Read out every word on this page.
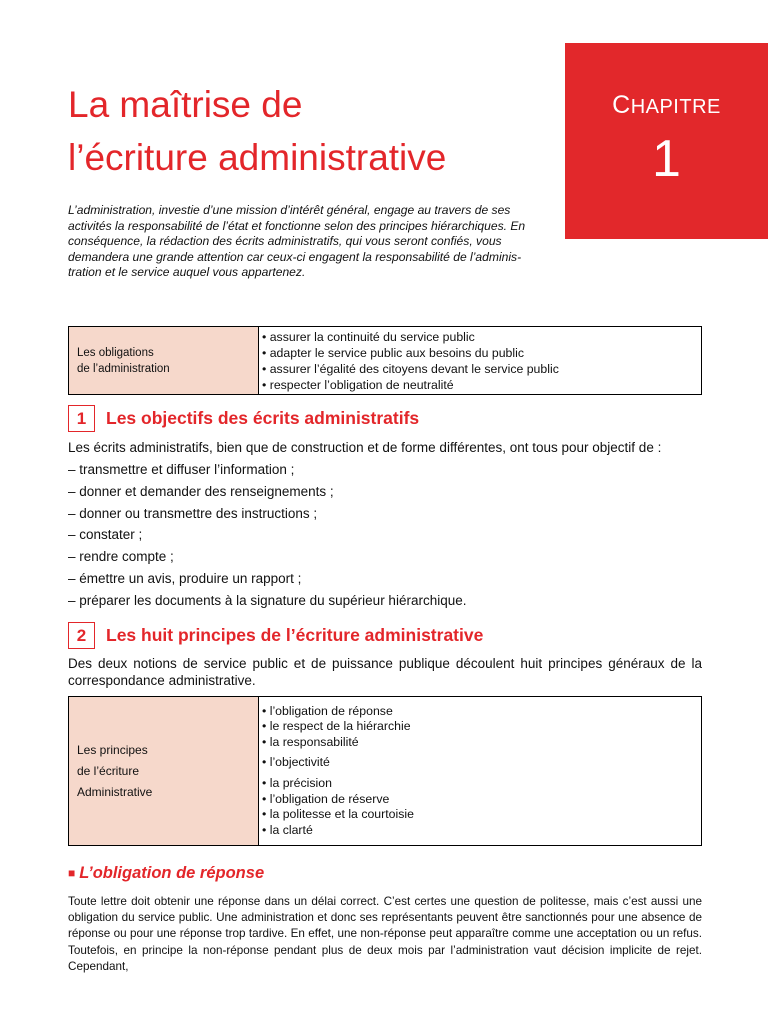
La maîtrise de
l’écriture administrative
CHAPITRE
1

L’administration, investie d’une mission d’intérêt général, engage au travers de ses activités la responsabilité de l’état et fonctionne selon des principes hiérarchiques. En conséquence, la rédaction des écrits administratifs, qui vous seront confiés, vous demandera une grande attention car ceux-ci engagent la responsabilité de l’adminis-tration et le service auquel vous appartenez.

Les obligations
de l’administration	
• assurer la continuité du service public
• adapter le service public aux besoins du public
• assurer l’égalité des citoyens devant le service public
• respecter l’obligation de neutralité
1	Les objectifs des écrits administratifs

Les écrits administratifs, bien que de construction et de forme différentes, ont tous pour objectif de :

– transmettre et diffuser l’information ;
– donner et demander des renseignements ;
– donner ou transmettre des instructions ;
– constater ;
– rendre compte ;
– émettre un avis, produire un rapport ;
– préparer les documents à la signature du supérieur hiérarchique.
2	Les huit principes de l’écriture administrative

Des deux notions de service public et de puissance publique découlent huit principes généraux de la correspondance administrative.

Les principes
de l’écriture
Administrative	
• l’obligation de réponse
• le respect de la hiérarchie
• la responsabilité
• l’objectivité
• la précision
• l’obligation de réserve
• la politesse et la courtoisie
• la clarté
■ L’obligation de réponse

Toute lettre doit obtenir une réponse dans un délai correct. C’est certes une question de politesse, mais c’est aussi une obligation du service public. Une administration et donc ses représentants peuvent être sanctionnés pour une absence de réponse ou pour une réponse trop tardive. En effet, une non-réponse peut apparaître comme une acceptation ou un refus. Toutefois, en principe la non-réponse pendant plus de deux mois par l’administration vaut décision implicite de rejet. Cependant,
